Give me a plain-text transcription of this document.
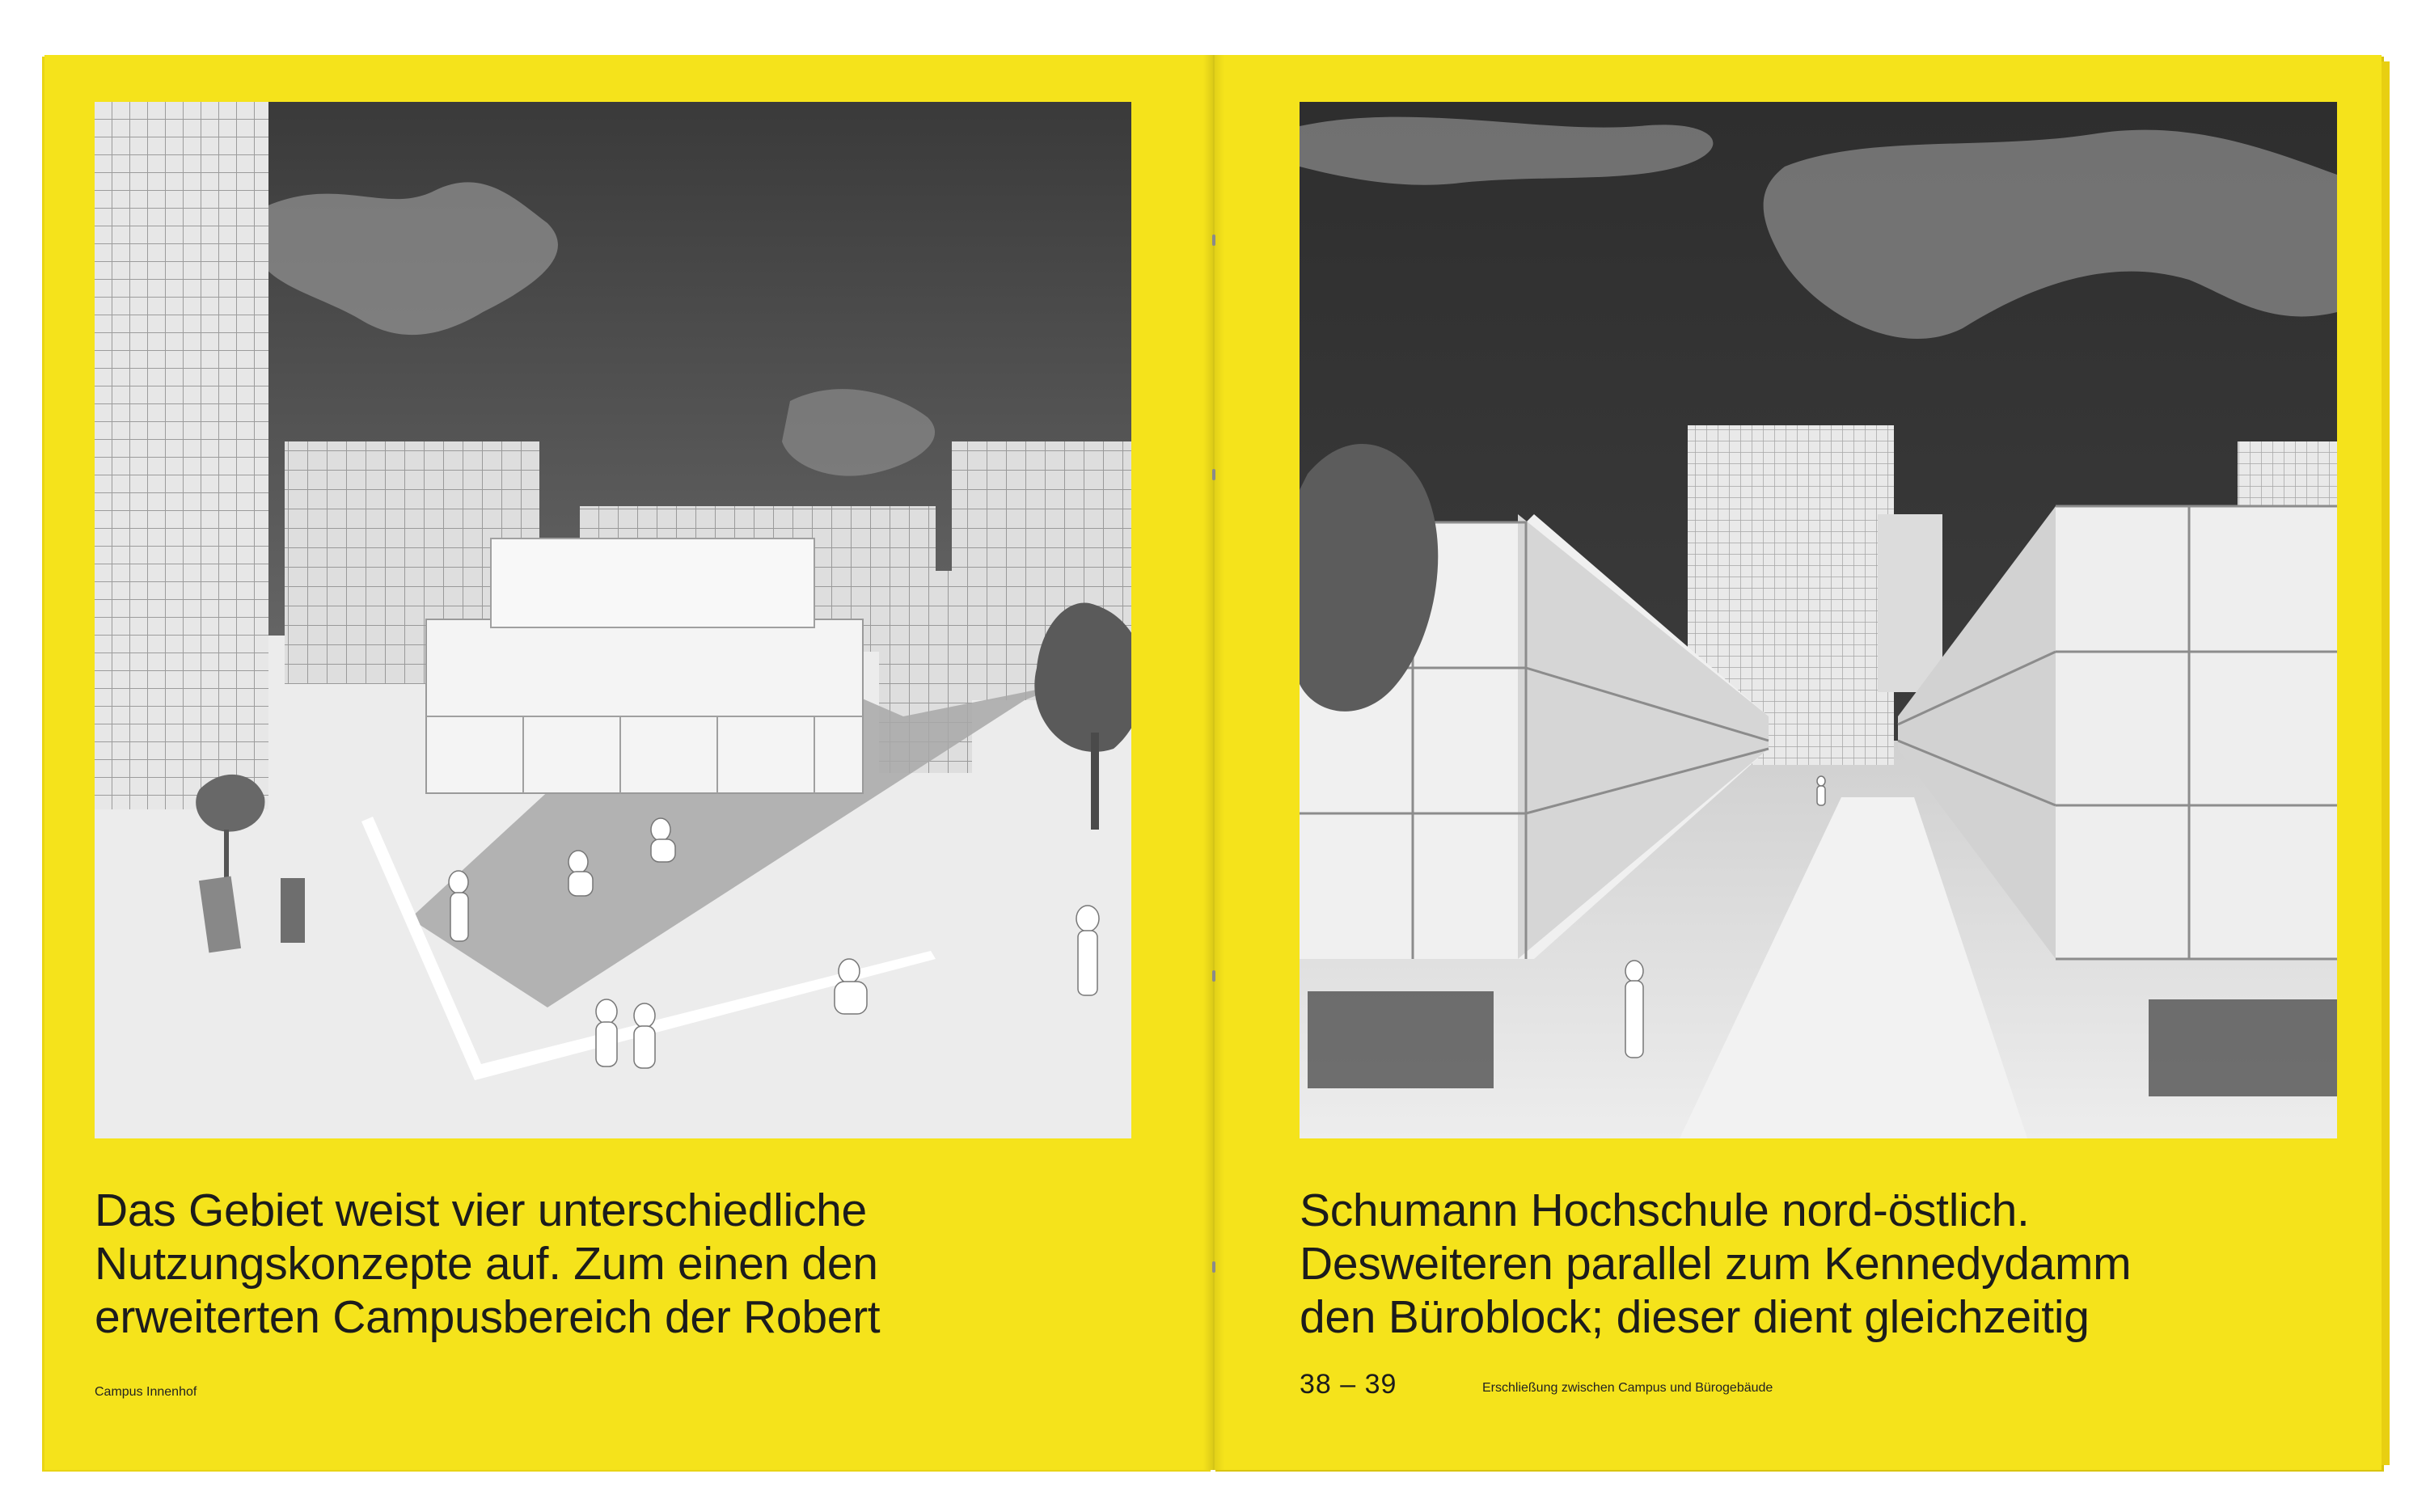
Das Gebiet weist vier unterschiedliche
Nutzungskonzepte auf. Zum einen den
erweiterten Campusbereich der Robert

Campus Innenhof

Schumann Hochschule nord-östlich.
Desweiteren parallel zum Kennedydamm
den Büroblock; dieser dient gleichzeitig

38 – 39	Erschließung zwischen Campus und Bürogebäude
